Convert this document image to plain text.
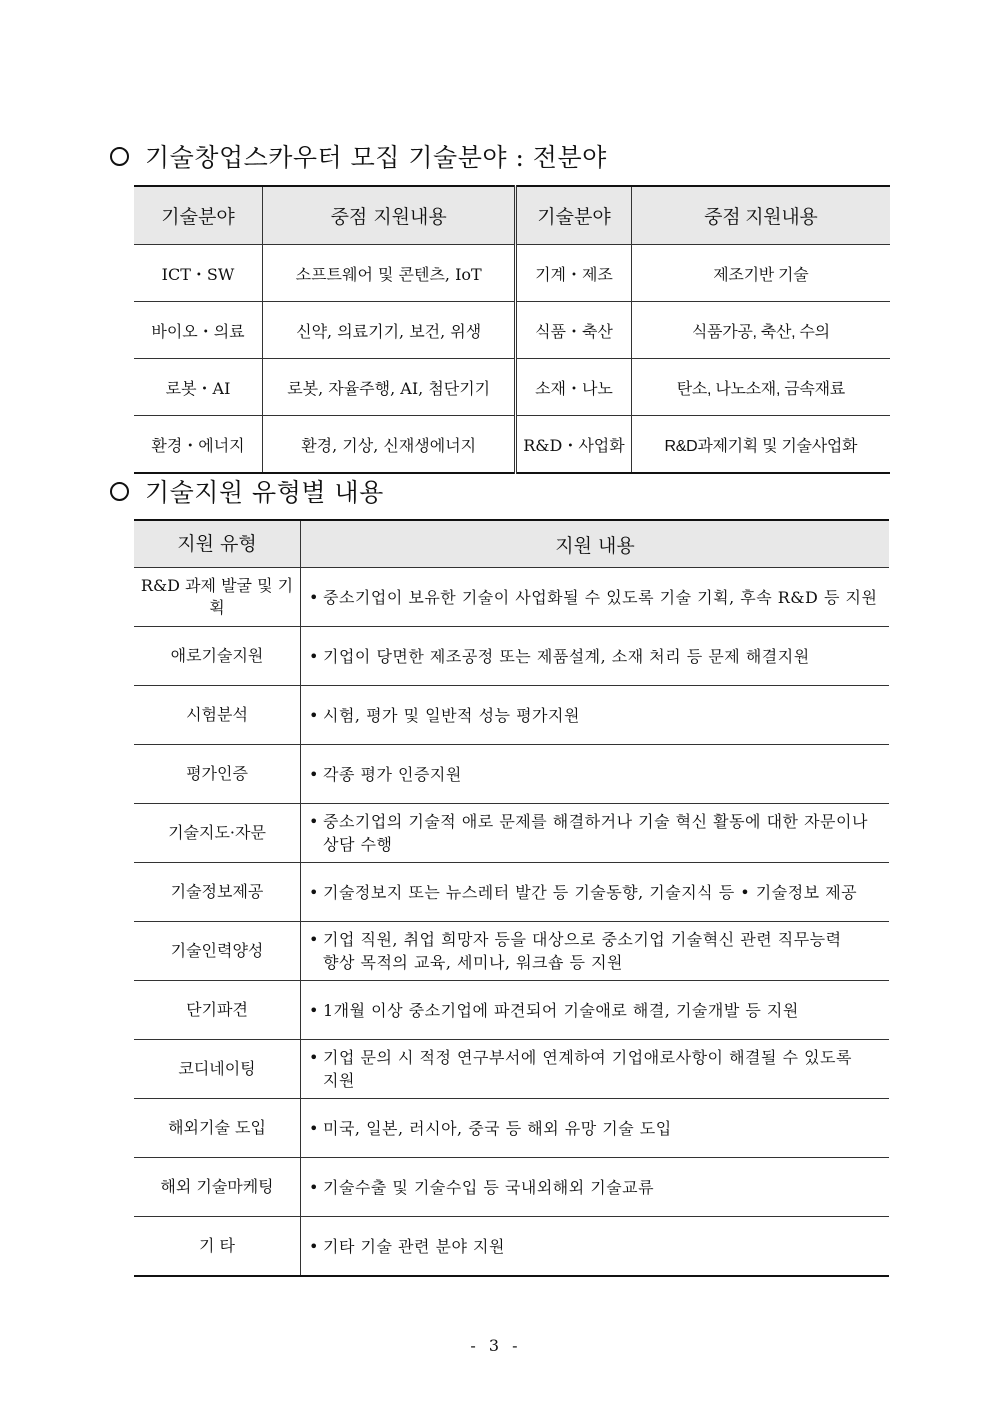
기술창업스카우터 모집 기술분야 : 전분야
기술분야	중점 지원내용	기술분야	중점 지원내용
ICT・SW	소프트웨어 및 콘텐츠, IoT	기계・제조	제조기반 기술
바이오・의료	신약, 의료기기, 보건, 위생	식품・축산	식품가공, 축산, 수의
로봇・AI	로봇, 자율주행, AI, 첨단기기	소재・나노	탄소, 나노소재, 금속재료
환경・에너지	환경, 기상, 신재생에너지	R&D・사업화	R&D과제기획 및 기술사업화
기술지원 유형별 내용
지원 유형	지원 내용
R&D 과제 발굴 및 기획	• 중소기업이 보유한 기술이 사업화될 수 있도록 기술 기획, 후속 R&D 등 지원

애로기술지원	• 기업이 당면한 제조공정 또는 제품설계, 소재 처리 등 문제 해결지원

시험분석	• 시험, 평가 및 일반적 성능 평가지원

평가인증	• 각종 평가 인증지원

기술지도·자문	• 중소기업의 기술적 애로 문제를 해결하거나 기술 혁신 활동에 대한 자문이나 상담 수행

기술정보제공	• 기술정보지 또는 뉴스레터 발간 등 기술동향, 기술지식 등 • 기술정보 제공

기술인력양성	• 기업 직원, 취업 희망자 등을 대상으로 중소기업 기술혁신 관련 직무능력 향상 목적의 교육, 세미나, 워크숍 등 지원

단기파견	• 1개월 이상 중소기업에 파견되어 기술애로 해결, 기술개발 등 지원

코디네이팅	• 기업 문의 시 적정 연구부서에 연계하여 기업애로사항이 해결될 수 있도록 지원

해외기술 도입	• 미국, 일본, 러시아, 중국 등 해외 유망 기술 도입

해외 기술마케팅	• 기술수출 및 기술수입 등 국내외해외 기술교류

기 타	• 기타 기술 관련 분야 지원
- 3 -
